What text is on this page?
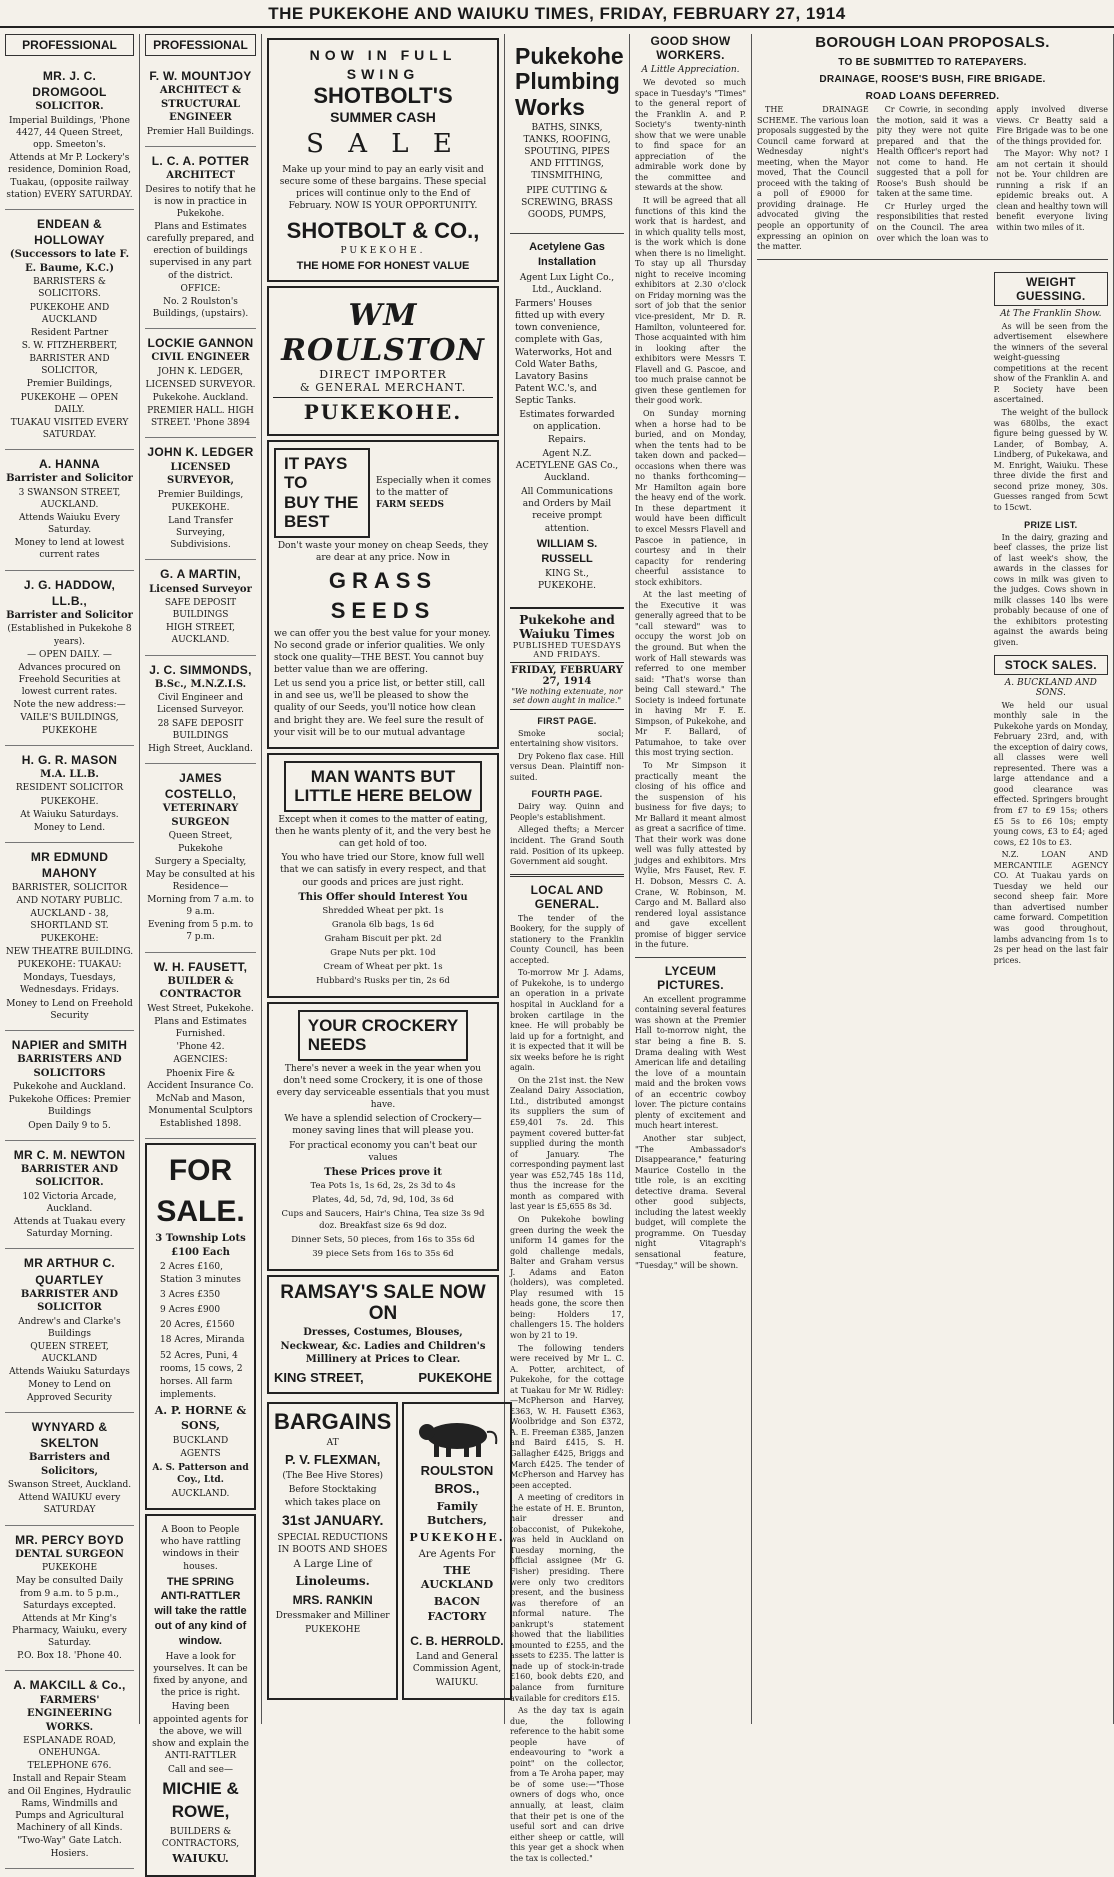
THE PUKEKOHE AND WAIUKU TIMES, FRIDAY, FEBRUARY 27, 1914
PROFESSIONAL
MR. J. C. DROMGOOL
SOLICITOR.

Imperial Buildings, 'Phone 4427, 44 Queen Street, opp. Smeeton's.

Attends at Mr P. Lockery's residence, Dominion Road, Tuakau, (opposite railway station) EVERY SATURDAY.

ENDEAN & HOLLOWAY
(Successors to late F. E. Baume, K.C.)

BARRISTERS & SOLICITORS.

PUKEKOHE AND AUCKLAND

Resident Partner

S. W. FITZHERBERT,

BARRISTER AND SOLICITOR,

Premier Buildings,

PUKEKOHE — OPEN DAILY.

TUAKAU VISITED EVERY SATURDAY.

A. HANNA
Barrister and Solicitor

3 SWANSON STREET, AUCKLAND.

Attends Waiuku Every Saturday.

Money to lend at lowest current rates

J. G. HADDOW, LL.B.,
Barrister and Solicitor

(Established in Pukekohe 8 years).

— OPEN DAILY. —

Advances procured on Freehold Securities at lowest current rates.

Note the new address:—

VAILE'S BUILDINGS, PUKEKOHE

H. G. R. MASON
M.A. LL.B.

RESIDENT SOLICITOR

PUKEKOHE.

At Waiuku Saturdays.

Money to Lend.

MR EDMUND MAHONY

BARRISTER, SOLICITOR AND NOTARY PUBLIC.

AUCKLAND - 38, SHORTLAND ST.

PUKEKOHE:

NEW THEATRE BUILDING.

PUKEKOHE: TUAKAU:

Mondays, Tuesdays, Wednesdays. Fridays.

Money to Lend on Freehold Security

NAPIER and SMITH
BARRISTERS AND SOLICITORS

Pukekohe and Auckland.

Pukekohe Offices: Premier Buildings

Open Daily 9 to 5.

MR C. M. NEWTON
BARRISTER AND SOLICITOR.

102 Victoria Arcade, Auckland.

Attends at Tuakau every Saturday Morning.

MR ARTHUR C. QUARTLEY
BARRISTER AND SOLICITOR

Andrew's and Clarke's Buildings

QUEEN STREET, AUCKLAND

Attends Waiuku Saturdays

Money to Lend on Approved Security

WYNYARD & SKELTON
Barristers and Solicitors,

Swanson Street, Auckland.

Attend WAIUKU every SATURDAY

MR. PERCY BOYD
DENTAL SURGEON

PUKEKOHE

May be consulted Daily from 9 a.m. to 5 p.m., Saturdays excepted.

Attends at Mr King's Pharmacy, Waiuku, every Saturday.

P.O. Box 18. 'Phone 40.

A. MAKCILL & Co.,
FARMERS' ENGINEERING WORKS.

ESPLANADE ROAD, ONEHUNGA.

TELEPHONE 676.

Install and Repair Steam and Oil Engines, Hydraulic Rams, Windmills and Pumps and Agricultural Machinery of all Kinds.

"Two-Way" Gate Latch.

Hosiers.

PROFESSIONAL
F. W. MOUNTJOY
ARCHITECT & STRUCTURAL ENGINEER

Premier Hall Buildings.

L. C. A. POTTER
ARCHITECT

Desires to notify that he is now in practice in Pukekohe.

Plans and Estimates carefully prepared, and erection of buildings supervised in any part of the district.

OFFICE:

No. 2 Roulston's Buildings, (upstairs).

LOCKIE GANNON
CIVIL ENGINEER

JOHN K. LEDGER,

LICENSED SURVEYOR.

Pukekohe. Auckland.

PREMIER HALL. HIGH STREET. 'Phone 3894

JOHN K. LEDGER
LICENSED SURVEYOR,

Premier Buildings,

PUKEKOHE.

Land Transfer Surveying, Subdivisions.

G. A MARTIN,
Licensed Surveyor

SAFE DEPOSIT BUILDINGS

HIGH STREET, AUCKLAND.

J. C. SIMMONDS,
B.Sc., M.N.Z.I.S.

Civil Engineer and Licensed Surveyor.

28 SAFE DEPOSIT BUILDINGS

High Street, Auckland.

JAMES COSTELLO,
VETERINARY SURGEON

Queen Street, Pukekohe

Surgery a Specialty,

May be consulted at his Residence—

Morning from 7 a.m. to 9 a.m.

Evening from 5 p.m. to 7 p.m.

W. H. FAUSETT,
BUILDER & CONTRACTOR

West Street, Pukekohe.

Plans and Estimates Furnished.

'Phone 42.

AGENCIES:

Phoenix Fire & Accident Insurance Co.

McNab and Mason, Monumental Sculptors

Established 1898.

FOR SALE.
3 Township Lots £100 Each

2 Acres £160, Station 3 minutes

3 Acres £350

9 Acres £900

20 Acres, £1560

18 Acres, Miranda

52 Acres, Puni, 4 rooms, 15 cows, 2 horses. All farm implements.

A. P. HORNE & SONS,

BUCKLAND AGENTS

A. S. Patterson and Coy., Ltd.

AUCKLAND.

A Boon to People who have rattling windows in their houses.

THE SPRING ANTI-RATTLER will take the rattle out of any kind of window.

Have a look for yourselves. It can be fixed by anyone, and the price is right.

Having been appointed agents for the above, we will show and explain the ANTI-RATTLER

Call and see—

MICHIE & ROWE,

BUILDERS & CONTRACTORS,

WAIUKU.

NOW IN FULL SWING
SHOTBOLT'S
SUMMER CASH
S A L E

Make up your mind to pay an early visit and secure some of these bargains. These special prices will continue only to the End of February. NOW IS YOUR OPPORTUNITY.

SHOTBOLT & CO.,

PUKEKOHE.

THE HOME FOR HONEST VALUE
WM ROULSTON
DIRECT IMPORTER
& GENERAL MERCHANT.
PUKEKOHE.
IT PAYS TO
BUY THE BEST
Especially when it comes to the matter of
FARM SEEDS

Don't waste your money on cheap Seeds, they are dear at any price. Now in

GRASS SEEDS

we can offer you the best value for your money. No second grade or inferior qualities. We only stock one quality—THE BEST. You cannot buy better value than we are offering.

Let us send you a price list, or better still, call in and see us, we'll be pleased to show the quality of our Seeds, you'll notice how clean and bright they are. We feel sure the result of your visit will be to our mutual advantage

MAN WANTS BUT
LITTLE HERE BELOW

Except when it comes to the matter of eating, then he wants plenty of it, and the very best he can get hold of too.

You who have tried our Store, know full well that we can satisfy in every respect, and that our goods and prices are just right.

This Offer should Interest You

Shredded Wheat per pkt. 1s

Granola 6lb bags, 1s 6d

Graham Biscuit per pkt. 2d

Grape Nuts per pkt. 10d

Cream of Wheat per pkt. 1s

Hubbard's Rusks per tin, 2s 6d

YOUR CROCKERY
NEEDS

There's never a week in the year when you don't need some Crockery, it is one of those every day serviceable essentials that you must have.

We have a splendid selection of Crockery—money saving lines that will please you.

For practical economy you can't beat our values

These Prices prove it

Tea Pots 1s, 1s 6d, 2s, 2s 3d to 4s

Plates, 4d, 5d, 7d, 9d, 10d, 3s 6d

Cups and Saucers, Hair's China, Tea size 3s 9d doz. Breakfast size 6s 9d doz.

Dinner Sets, 50 pieces, from 16s to 35s 6d

39 piece Sets from 16s to 35s 6d

RAMSAY'S SALE NOW ON

Dresses, Costumes, Blouses, Neckwear, &c. Ladies and Children's Millinery at Prices to Clear.

KING STREET,	PUKEKOHE
BARGAINS

AT

P. V. FLEXMAN,

(The Bee Hive Stores)

Before Stocktaking which takes place on

31st JANUARY.

SPECIAL REDUCTIONS IN BOOTS AND SHOES

A Large Line of

Linoleums.

MRS. RANKIN

Dressmaker and Milliner

PUKEKOHE

ROULSTON BROS.,

Family Butchers,

PUKEKOHE.

Are Agents For

THE AUCKLAND

BACON FACTORY

C. B. HERROLD.

Land and General Commission Agent,

WAIUKU.

Pukekohe Plumbing Works

BATHS, SINKS, TANKS, ROOFING, SPOUTING, PIPES AND FITTINGS, TINSMITHING,

PIPE CUTTING & SCREWING, BRASS GOODS, PUMPS,

Acetylene Gas Installation

Agent Lux Light Co., Ltd., Auckland.

Farmers' Houses fitted up with every town convenience, complete with Gas, Waterworks, Hot and Cold Water Baths, Lavatory Basins Patent W.C.'s, and Septic Tanks.

Estimates forwarded on application. Repairs.

Agent N.Z. ACETYLENE GAS Co., Auckland.

All Communications and Orders by Mail receive prompt attention.

WILLIAM S. RUSSELL

KING St., PUKEKOHE.

Pukekohe and Waiuku Times
PUBLISHED TUESDAYS AND FRIDAYS.
FRIDAY, FEBRUARY 27, 1914
"We nothing extenuate, nor set down aught in malice."
FIRST PAGE.

Smoke social; entertaining show visitors.

Dry Pokeno flax case. Hill versus Dean. Plaintiff non-suited.

FOURTH PAGE.

Dairy way. Quinn and People's establishment.

Alleged thefts; a Mercer incident. The Grand South raid. Position of its upkeep. Government aid sought.

LOCAL AND GENERAL.

The tender of the Bookery, for the supply of stationery to the Franklin County Council, has been accepted.

To-morrow Mr J. Adams, of Pukekohe, is to undergo an operation in a private hospital in Auckland for a broken cartilage in the knee. He will probably be laid up for a fortnight, and it is expected that it will be six weeks before he is right again.

On the 21st inst. the New Zealand Dairy Association, Ltd., distributed amongst its suppliers the sum of £59,401 7s. 2d. This payment covered butter-fat supplied during the month of January. The corresponding payment last year was £52,745 18s 11d, thus the increase for the month as compared with last year is £5,655 8s 3d.

On Pukekohe bowling green during the week the uniform 14 games for the gold challenge medals, Balter and Graham versus J. Adams and Eaton (holders), was completed. Play resumed with 15 heads gone, the score then being: Holders 17, challengers 15. The holders won by 21 to 19.

The following tenders were received by Mr L. C. A. Potter, architect, of Pukekohe, for the cottage at Tuakau for Mr W. Ridley:—McPherson and Harvey, £363, W. H. Fausett £363, Woolbridge and Son £372, A. E. Freeman £385, Janzen and Baird £415, S. H. Gallagher £425, Briggs and March £425. The tender of McPherson and Harvey has been accepted.

A meeting of creditors in the estate of H. E. Brunton, hair dresser and tobacconist, of Pukekohe, was held in Auckland on Tuesday morning, the official assignee (Mr G. Fisher) presiding. There were only two creditors present, and the business was therefore of an informal nature. The bankrupt's statement showed that the liabilities amounted to £255, and the assets to £235. The latter is made up of stock-in-trade £160, book debts £20, and balance from furniture available for creditors £15.

As the day tax is again due, the following reference to the habit some people have of endeavouring to "work a point" on the collector, from a Te Aroha paper, may be of some use:—"Those owners of dogs who, once annually, at least, claim that their pet is one of the useful sort and can drive either sheep or cattle, will this year get a shock when the tax is collected."

GOOD SHOW WORKERS.
A Little Appreciation.

We devoted so much space in Tuesday's "Times" to the general report of the Franklin A. and P. Society's twenty-ninth show that we were unable to find space for an appreciation of the admirable work done by the committee and stewards at the show.

It will be agreed that all functions of this kind the work that is hardest, and in which quality tells most, is the work which is done when there is no limelight. To stay up all Thursday night to receive incoming exhibitors at 2.30 o'clock on Friday morning was the sort of job that the senior vice-president, Mr D. R. Hamilton, volunteered for. Those acquainted with him in looking after the exhibitors were Messrs T. Flavell and G. Pascoe, and too much praise cannot be given these gentlemen for their good work.

On Sunday morning when a horse had to be buried, and on Monday, when the tents had to be taken down and packed—occasions when there was no thanks forthcoming—Mr Hamilton again bore the heavy end of the work. In these department it would have been difficult to excel Messrs Flavell and Pascoe in patience, in courtesy and in their capacity for rendering cheerful assistance to stock exhibitors.

At the last meeting of the Executive it was generally agreed that to be "call steward" was to occupy the worst job on the ground. But when the work of Hall stewards was referred to one member said: "That's worse than being Call steward." The Society is indeed fortunate in having Mr F. E. Simpson, of Pukekohe, and Mr F. Ballard, of Patumahoe, to take over this most trying section.

To Mr Simpson it practically meant the closing of his office and the suspension of his business for five days; to Mr Ballard it meant almost as great a sacrifice of time. That their work was done well was fully attested by judges and exhibitors. Mrs Wylie, Mrs Fauset, Rev. F. H. Dobson, Messrs C. A. Crane, W. Robinson, M. Cargo and M. Ballard also rendered loyal assistance and gave excellent promise of bigger service in the future.

LYCEUM PICTURES.

An excellent programme containing several features was shown at the Premier Hall to-morrow night, the star being a fine B. S. Drama dealing with West American life and detailing the love of a mountain maid and the broken vows of an eccentric cowboy lover. The picture contains plenty of excitement and much heart interest.

Another star subject, "The Ambassador's Disappearance," featuring Maurice Costello in the title role, is an exciting detective drama. Several other good subjects, including the latest weekly budget, will complete the programme. On Tuesday night Vitagraph's sensational feature, "Tuesday," will be shown.

BOROUGH LOAN PROPOSALS.
TO BE SUBMITTED TO RATEPAYERS.
DRAINAGE, ROOSE'S BUSH, FIRE BRIGADE.
ROAD LOANS DEFERRED.

THE DRAINAGE SCHEME. The various loan proposals suggested by the Council came forward at Wednesday night's meeting, when the Mayor moved, That the Council proceed with the taking of a poll of £9000 for providing drainage. He advocated giving the people an opportunity of expressing an opinion on the matter.

Cr Cowrie, in seconding the motion, said it was a pity they were not quite prepared and that the Health Officer's report had not come to hand. He suggested that a poll for Roose's Bush should be taken at the same time.

Cr Hurley urged the responsibilities that rested on the Council. The area over which the loan was to apply involved diverse views. Cr Beatty said a Fire Brigade was to be one of the things provided for.

The Mayor: Why not? I am not certain it should not be. Your children are running a risk if an epidemic breaks out. A clean and healthy town will benefit everyone living within two miles of it.

WEIGHT GUESSING.
At The Franklin Show.

As will be seen from the advertisement elsewhere the winners of the several weight-guessing competitions at the recent show of the Franklin A. and P. Society have been ascertained.

The weight of the bullock was 680lbs, the exact figure being guessed by W. Lander, of Bombay, A. Lindberg, of Pukekawa, and M. Enright, Waiuku. These three divide the first and second prize money, 30s. Guesses ranged from 5cwt to 15cwt.

PRIZE LIST.

In the dairy, grazing and beef classes, the prize list of last week's show, the awards in the classes for cows in milk was given to the judges. Cows shown in milk classes 140 lbs were probably because of one of the exhibitors protesting against the awards being given.

STOCK SALES.
A. BUCKLAND AND SONS.

We held our usual monthly sale in the Pukekohe yards on Monday, February 23rd, and, with the exception of dairy cows, all classes were well represented. There was a large attendance and a good clearance was effected. Springers brought from £7 to £9 15s; others £5 5s to £6 10s; empty young cows, £3 to £4; aged cows, £2 10s to £3.

N.Z. LOAN AND MERCANTILE AGENCY CO. At Tuakau yards on Tuesday we held our second sheep fair. More than advertised number came forward. Competition was good throughout, lambs advancing from 1s to 2s per head on the last fair prices.
